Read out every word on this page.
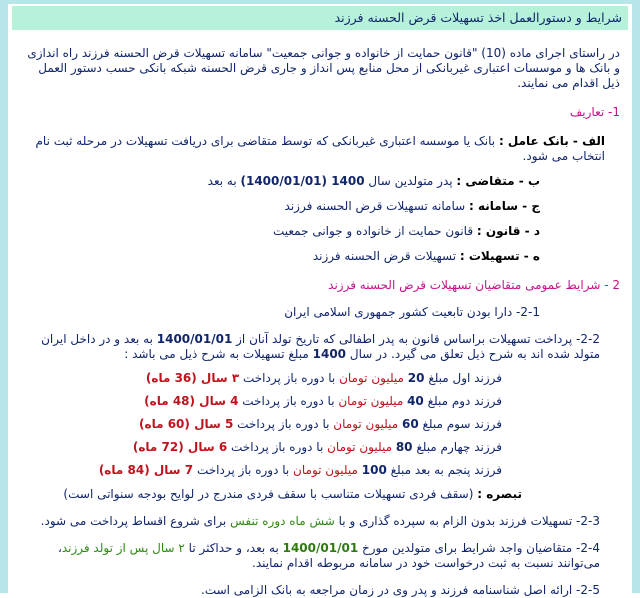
شرایط و دستورالعمل اخذ تسهیلات قرض الحسنه فرزند

در راستای اجرای ماده (10) "قانون حمایت از خانواده و جوانی جمعیت" سامانه تسهیلات قرض الحسنه فرزند راه اندازی و بانک ها و موسسات اعتباری غیربانکی از محل منابع پس انداز و جاری قرض الحسنه شبکه بانکی حسب دستور العمل ذیل اقدام می نمایند.

1- تعاریف

الف - بانک عامل : بانک یا موسسه اعتباری غیربانکی که توسط متقاضی برای دریافت تسهیلات در مرحله ثبت نام انتخاب می شود.

ب - متقاضی : پدر متولدین سال 1400 (1400/01/01) به بعد

ج - سامانه : سامانه تسهیلات قرض الحسنه فرزند

د - قانون : قانون حمایت از خانواده و جوانی جمعیت

ه - تسهیلات : تسهیلات قرض الحسنه فرزند

2 - شرایط عمومی متقاضیان تسهیلات قرض الحسنه فرزند

2-1- دارا بودن تابعیت کشور جمهوری اسلامی ایران

2-2- پرداخت تسهیلات براساس قانون به پدر اطفالی که تاریخ تولد آنان از 1400/01/01 به بعد و در داخل ایران متولد شده اند به شرح ذیل تعلق می گیرد. در سال 1400 مبلغ تسهیلات به شرح ذیل می باشد :

فرزند اول مبلغ 20 میلیون تومان با دوره باز پرداخت ۳ سال (36 ماه)

فرزند دوم مبلغ 40 میلیون تومان با دوره باز پرداخت 4 سال (48 ماه)

فرزند سوم مبلغ 60 میلیون تومان با دوره باز پرداخت 5 سال (60 ماه)

فرزند چهارم مبلغ 80 میلیون تومان با دوره باز پرداخت 6 سال (72 ماه)

فرزند پنجم به بعد مبلغ 100 میلیون تومان با دوره باز پرداخت 7 سال (84 ماه)

تبصره : (سقف فردی تسهیلات متناسب با سقف فردی مندرج در لوایح بودجه سنواتی است)

2-3- تسهیلات فرزند بدون الزام به سپرده گذاری و با شش ماه دوره تنفس برای شروع اقساط پرداخت می شود.

2-4- متقاضیان واجد شرایط برای متولدین مورخ 1400/01/01 به بعد، و حداکثر تا ۲ سال پس از تولد فرزند، می‌توانند نسبت به ثبت درخواست خود در سامانه مربوطه اقدام نمایند.

2-5- ارائه اصل شناسنامه فرزند و پدر وی در زمان مراجعه به بانک الزامی است.
